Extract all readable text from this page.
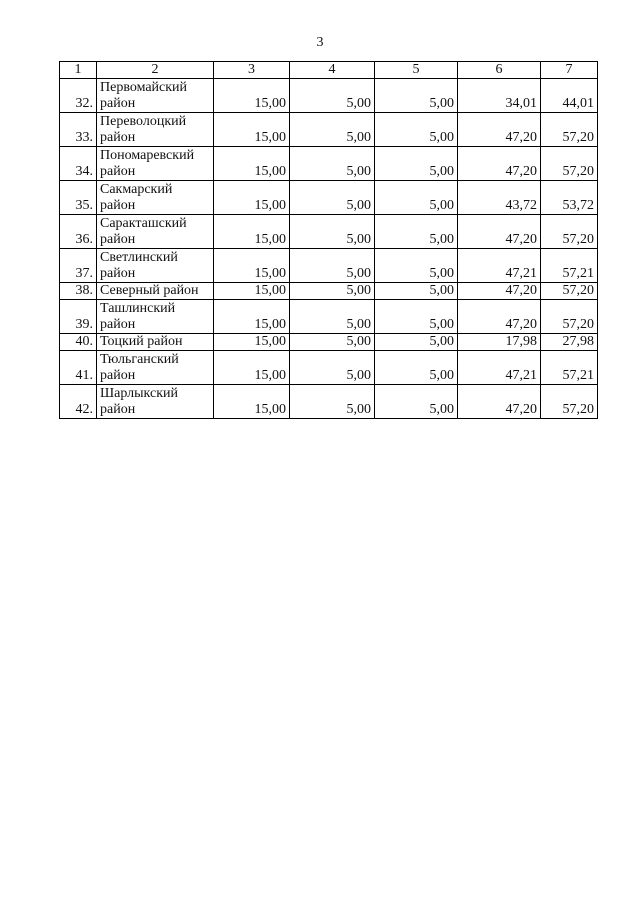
3
1	2	3	4	5	6	7
32.	Первомайский район	15,00	5,00	5,00	34,01	44,01
33.	Переволоцкий район	15,00	5,00	5,00	47,20	57,20
34.	Пономаревский район	15,00	5,00	5,00	47,20	57,20
35.	Сакмарский район	15,00	5,00	5,00	43,72	53,72
36.	Саракташский район	15,00	5,00	5,00	47,20	57,20
37.	Светлинский район	15,00	5,00	5,00	47,21	57,21
38.	Северный район	15,00	5,00	5,00	47,20	57,20
39.	Ташлинский район	15,00	5,00	5,00	47,20	57,20
40.	Тоцкий район	15,00	5,00	5,00	17,98	27,98
41.	Тюльганский район	15,00	5,00	5,00	47,21	57,21
42.	Шарлыкский район	15,00	5,00	5,00	47,20	57,20
